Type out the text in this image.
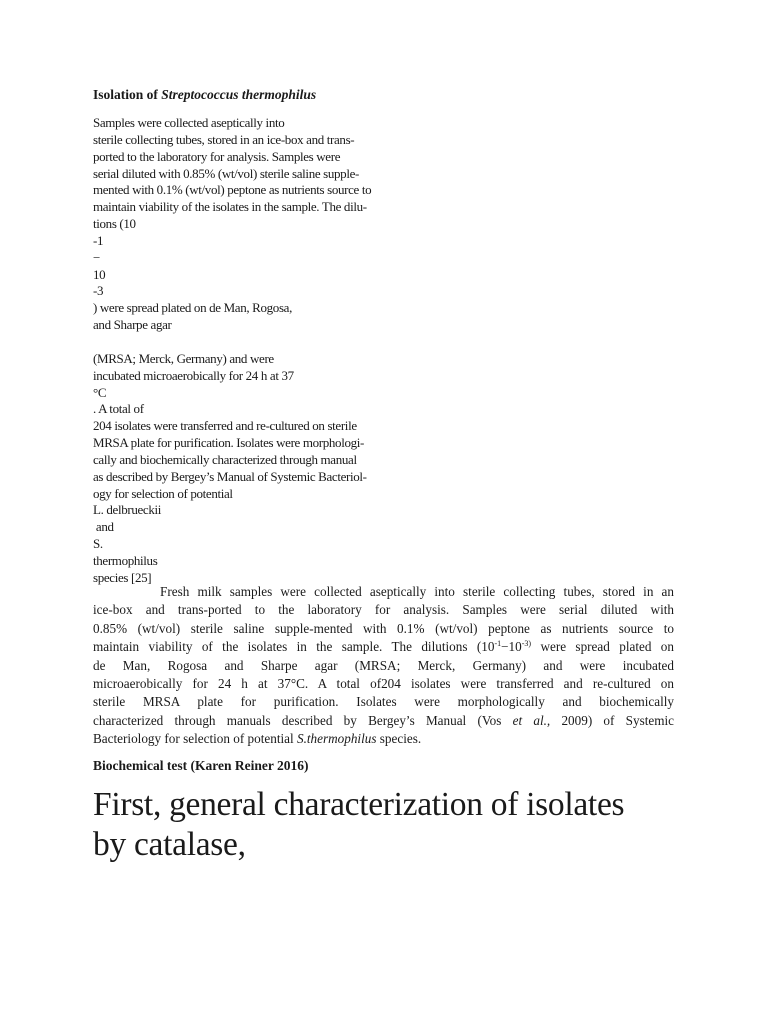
Isolation of Streptococcus thermophilus
Samples were collected aseptically into
sterile collecting tubes, stored in an ice-box and trans-
ported to the laboratory for analysis. Samples were
serial diluted with 0.85% (wt/vol) sterile saline supple-
mented with 0.1% (wt/vol) peptone as nutrients source to
maintain viability of the isolates in the sample. The dilu-
tions (10
-1
−
10
-3
) were spread plated on de Man, Rogosa,
and Sharpe agar
(MRSA; Merck, Germany) and were
incubated microaerobically for 24 h at 37
°C
. A total of
204 isolates were transferred and re-cultured on sterile
MRSA plate for purification. Isolates were morphologi-
cally and biochemically characterized through manual
as described by Bergey’s Manual of Systemic Bacteriol-
ogy for selection of potential
L. delbrueckii
and
S.
thermophilus
species [25]

Fresh milk samples were collected aseptically into sterile collecting tubes, stored in an
ice-box and trans-ported to the laboratory for analysis. Samples were serial diluted with
0.85% (wt/vol) sterile saline supple-mented with 0.1% (wt/vol) peptone as nutrients source to
maintain viability of the isolates in the sample. The dilutions ($10^{-1}-10^{-3)}$ were spread plated on
de Man, Rogosa and Sharpe agar (MRSA; Merck, Germany) and were incubated
microaerobically for 24 h at 37°C. A total of204 isolates were transferred and re-cultured on
sterile MRSA plate for purification. Isolates were morphologically and biochemically
characterized through manuals described by Bergey’s Manual (Vos et al., 2009) of Systemic
Bacteriology for selection of potential S.thermophilus species.

Biochemical test (Karen Reiner 2016)

First, general characterization of isolates
by catalase,
